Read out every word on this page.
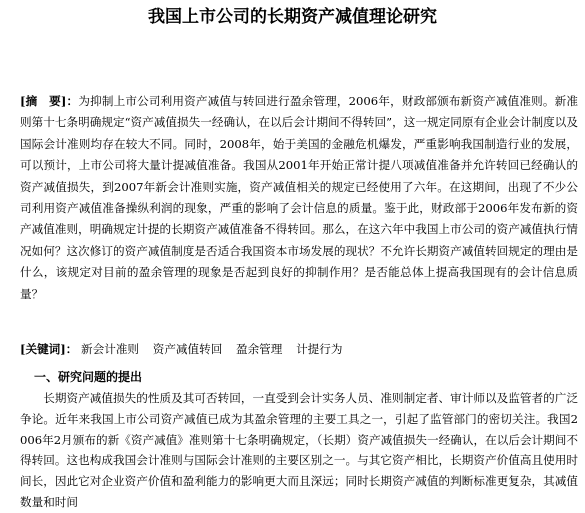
我国上市公司的长期资产减值理论研究
[摘　要]：为抑制上市公司利用资产减值与转回进行盈余管理，2006年，财政部颁布新资产减值准则。新准则第十七条明确规定“资产减值损失一经确认，在以后会计期间不得转回”，这一规定同原有企业会计制度以及国际会计准则均存在较大不同。同时，2008年，始于美国的金融危机爆发，严重影响我国制造行业的发展，可以预计，上市公司将大量计提减值准备。我国从2001年开始正常计提八项减值准备并允许转回已经确认的资产减值损失，到2007年新会计准则实施，资产减值相关的规定已经使用了六年。在这期间，出现了不少公司利用资产减值准备操纵利润的现象，严重的影响了会计信息的质量。鉴于此，财政部于2006年发布新的资产减值准则，明确规定计提的长期资产减值准备不得转回。那么，在这六年中我国上市公司的资产减值执行情况如何？这次修订的资产减值制度是否适合我国资本市场发展的现状？不允许长期资产减值转回规定的理由是什么，该规定对目前的盈余管理的现象是否起到良好的抑制作用？是否能总体上提高我国现有的会计信息质量？
[关键词]： 新会计准则 资产减值转回 盈余管理 计提行为
一、研究问题的提出
长期资产减值损失的性质及其可否转回，一直受到会计实务人员、准则制定者、审计师以及监管者的广泛争论。近年来我国上市公司资产减值已成为其盈余管理的主要工具之一，引起了监管部门的密切关注。我国2006年2月颁布的新《资产减值》准则第十七条明确规定，（长期）资产减值损失一经确认，在以后会计期间不得转回。这也构成我国会计准则与国际会计准则的主要区别之一。与其它资产相比，长期资产价值高且使用时间长，因此它对企业资产价值和盈利能力的影响更大而且深远；同时长期资产减值的判断标准更复杂，其减值数量和时间
